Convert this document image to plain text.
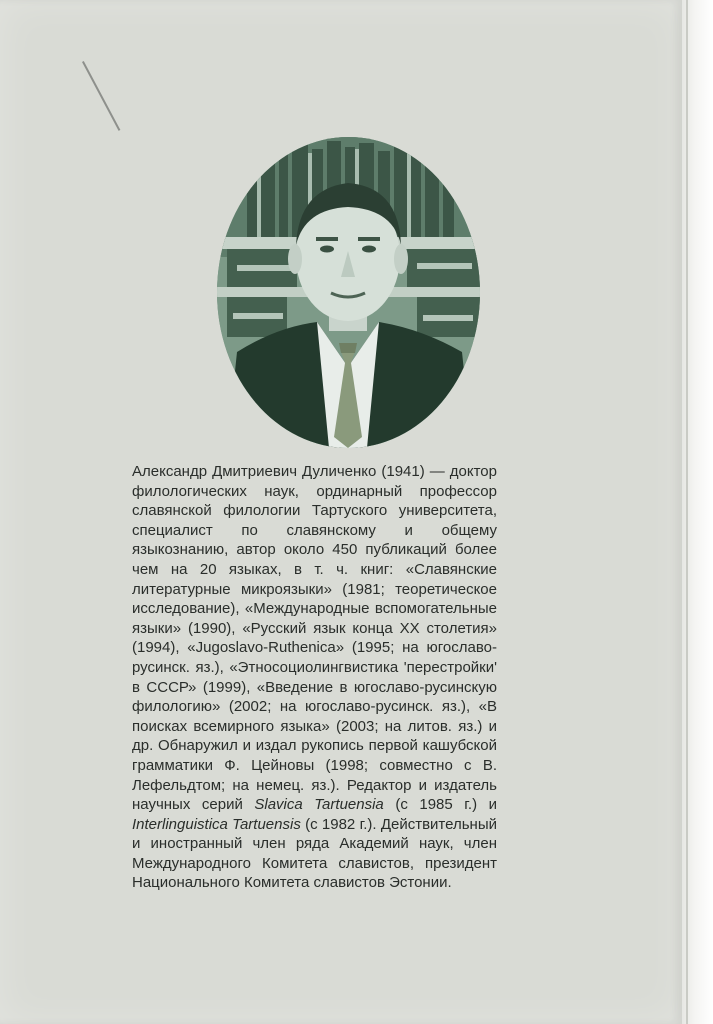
Александр Дмитриевич Дуличенко (1941) — доктор филологических наук, ординарный профессор славянской филологии Тартуского университета, специалист по славянскому и общему языкознанию, автор около 450 публикаций более чем на 20 языках, в т. ч. книг: «Славянские литературные микроязыки» (1981; теоретическое исследование), «Международные вспомогательные языки» (1990), «Русский язык конца XX столетия» (1994), «Jugoslavo-Ruthenica» (1995; на югославо-русинск. яз.), «Этносоциолингвистика 'перестройки' в СССР» (1999), «Введение в югославо-русинскую филологию» (2002; на югославо-русинск. яз.), «В поисках всемирного языка» (2003; на литов. яз.) и др. Обнаружил и издал рукопись первой кашубской грамматики Ф. Цейновы (1998; совместно с В. Лефельдтом; на немец. яз.). Редактор и издатель научных серий Slavica Tartuensia (с 1985 г.) и Interlinguistica Tartuensis (с 1982 г.). Действительный и иностранный член ряда Академий наук, член Международного Комитета славистов, президент Национального Комитета славистов Эстонии.
